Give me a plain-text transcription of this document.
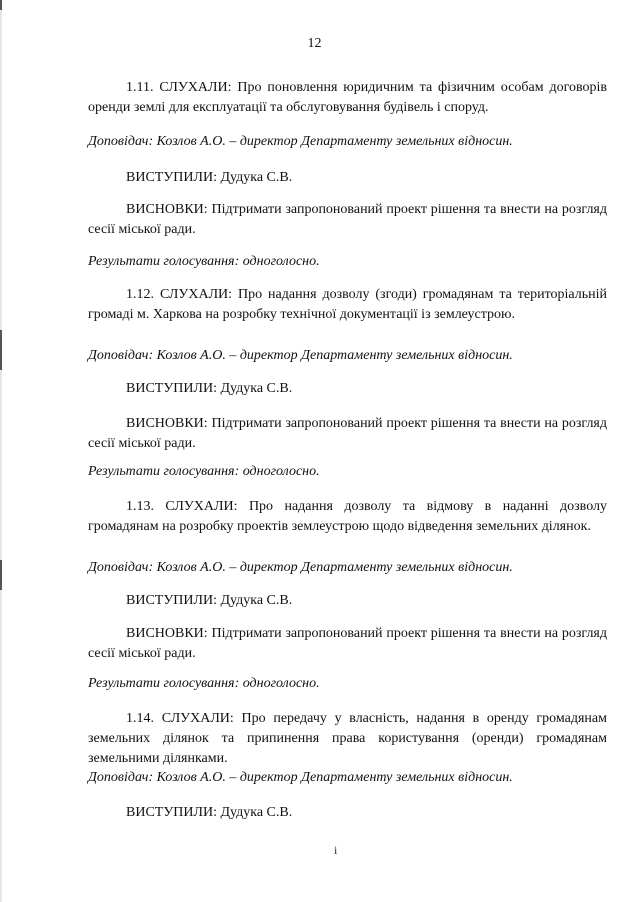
12
1.11. СЛУХАЛИ: Про поновлення юридичним та фізичним особам договорів оренди землі для експлуатації та обслуговування будівель і споруд.
Доповідач: Козлов А.О. – директор Департаменту земельних відносин.
ВИСТУПИЛИ: Дудука С.В.
ВИСНОВКИ: Підтримати запропонований проект рішення та внести на розгляд сесії міської ради.
Результати голосування: одноголосно.
1.12. СЛУХАЛИ: Про надання дозволу (згоди) громадянам та територіальній громаді м. Харкова на розробку технічної документації із землеустрою.
Доповідач: Козлов А.О. – директор Департаменту земельних відносин.
ВИСТУПИЛИ: Дудука С.В.
ВИСНОВКИ: Підтримати запропонований проект рішення та внести на розгляд сесії міської ради.
Результати голосування: одноголосно.
1.13. СЛУХАЛИ: Про надання дозволу та відмову в наданні дозволу громадянам на розробку проектів землеустрою щодо відведення земельних ділянок.
Доповідач: Козлов А.О. – директор Департаменту земельних відносин.
ВИСТУПИЛИ: Дудука С.В.
ВИСНОВКИ: Підтримати запропонований проект рішення та внести на розгляд сесії міської ради.
Результати голосування: одноголосно.
1.14. СЛУХАЛИ: Про передачу у власність, надання в оренду громадянам земельних ділянок та припинення права користування (оренди) громадянам земельними ділянками.
Доповідач: Козлов А.О. – директор Департаменту земельних відносин.
ВИСТУПИЛИ: Дудука С.В.
i
